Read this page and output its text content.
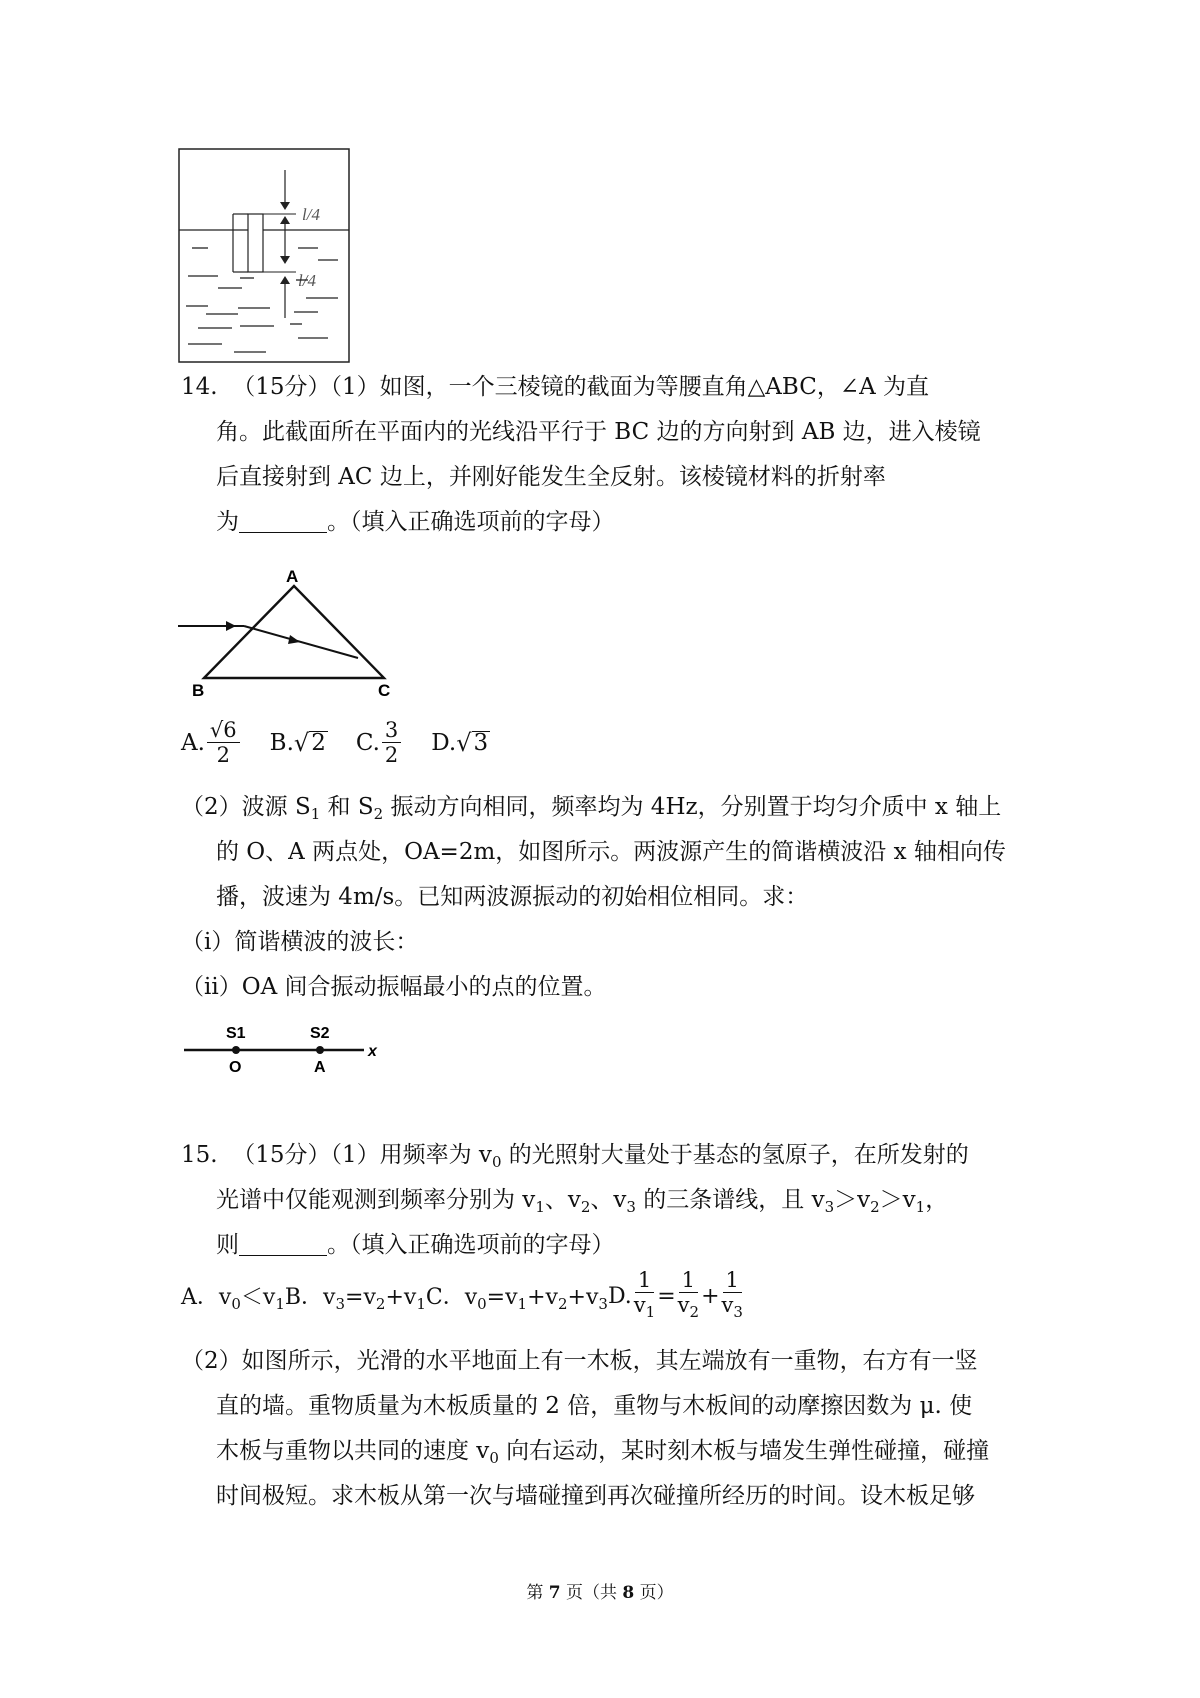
l/4
l/4
14. （15分）（1）如图，一个三棱镜的截面为等腰直角△ABC，∠A 为直
角。此截面所在平面内的光线沿平行于 BC 边的方向射到 AB 边，进入棱镜
后直接射到 AC 边上，并刚好能发生全反射。该棱镜材料的折射率
为	。（填入正确选项前的字母）
A
B	C
A. $\frac{√6}{2} B$. √ 2 C. $\frac{3}{2} D$. √ 3
（2）波源 $S_1$ 和 $S_2$ 振动方向相同，频率均为 4Hz，分别置于均匀介质中 x 轴上
的 O、A 两点处，OA=2m，如图所示。两波源产生的简谐横波沿 x 轴相向传
播，波速为 4m/s。已知两波源振动的初始相位相同。求：
（i）简谐横波的波长：
（ii）OA 间合振动振幅最小的点的位置。
S1	S2
O	A
x
15. （15分）（1）用频率为 $v_0$ 的光照射大量处于基态的氢原子，在所发射的
光谱中仅能观测到频率分别为 $v_1$、$v_2$、$v_3$ 的三条谱线，且 $v_3>v_2>v_1$，
则	。（填入正确选项前的字母）
A．$v_0<v_1$ B．$v_3=v_2+v_1$ C．$v_0=v_1+v_2+v_3$ D. $\frac{1}{v_1} = \frac{1}{v_2} + \frac{1}{v_3}$
（2）如图所示，光滑的水平地面上有一木板，其左端放有一重物，右方有一竖
直的墙。重物质量为木板质量的 2 倍，重物与木板间的动摩擦因数为 μ. 使
木板与重物以共同的速度 $v_0$ 向右运动，某时刻木板与墙发生弹性碰撞，碰撞
时间极短。求木板从第一次与墙碰撞到再次碰撞所经历的时间。设木板足够
第 7 页（共 8 页）
